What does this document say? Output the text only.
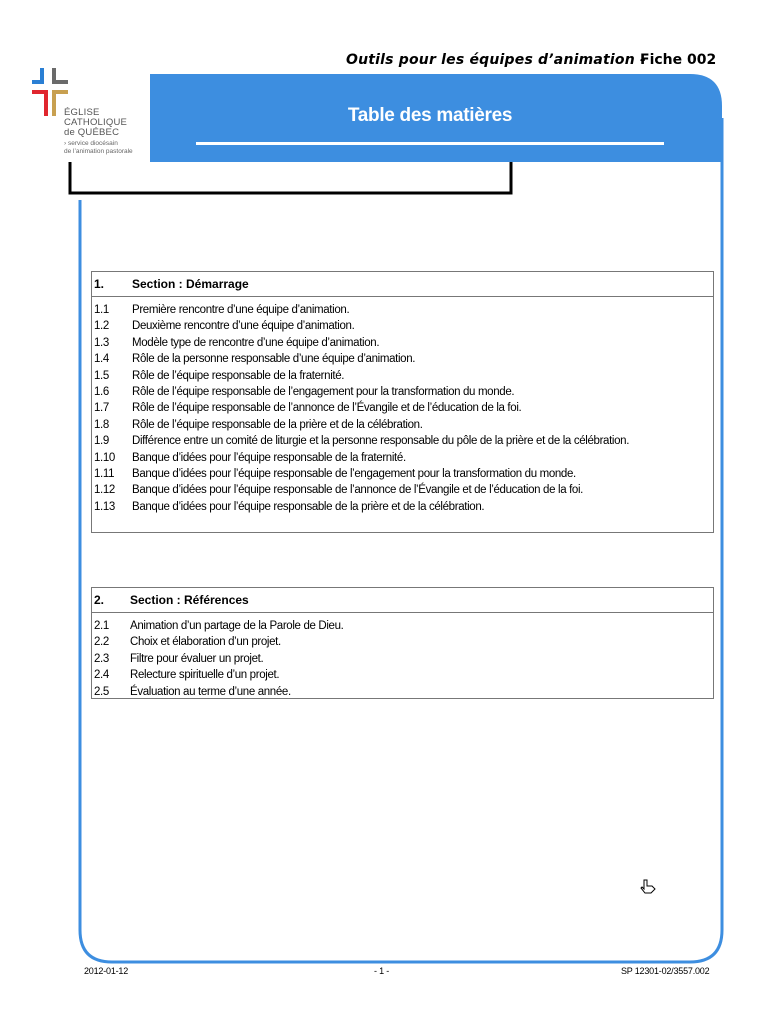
Table des matières
Outils pour les équipes d’animation -
Fiche 002
ÉGLISE
CATHOLIQUE
de QUÉBEC
› service diocésain
de l’animation pastorale
1.	Section : Démarrage
1.1	Première rencontre d’une équipe d’animation.
1.2	Deuxième rencontre d’une équipe d’animation.
1.3	Modèle type de rencontre d’une équipe d’animation.
1.4	Rôle de la personne responsable d’une équipe d’animation.
1.5	Rôle de l’équipe responsable de la fraternité.
1.6	Rôle de l’équipe responsable de l’engagement pour la transformation du monde.
1.7	Rôle de l’équipe responsable de l’annonce de l’Évangile et de l’éducation de la foi.
1.8	Rôle de l’équipe responsable de la prière et de la célébration.
1.9	Différence entre un comité de liturgie et la personne responsable du pôle de la prière et de la célébration.
1.10	Banque d’idées pour l’équipe responsable de la fraternité.
1.11	Banque d’idées pour l’équipe responsable de l’engagement pour la transformation du monde.
1.12	Banque d’idées pour l’équipe responsable de l’annonce de l’Évangile et de l’éducation de la foi.
1.13	Banque d’idées pour l’équipe responsable de la prière et de la célébration.
2.	Section : Références
2.1	Animation d’un partage de la Parole de Dieu.
2.2	Choix et élaboration d’un projet.
2.3	Filtre pour évaluer un projet.
2.4	Relecture spirituelle d’un projet.
2.5	Évaluation au terme d’une année.
2012-01-12	- 1 -	SP 12301-02/3557.002
